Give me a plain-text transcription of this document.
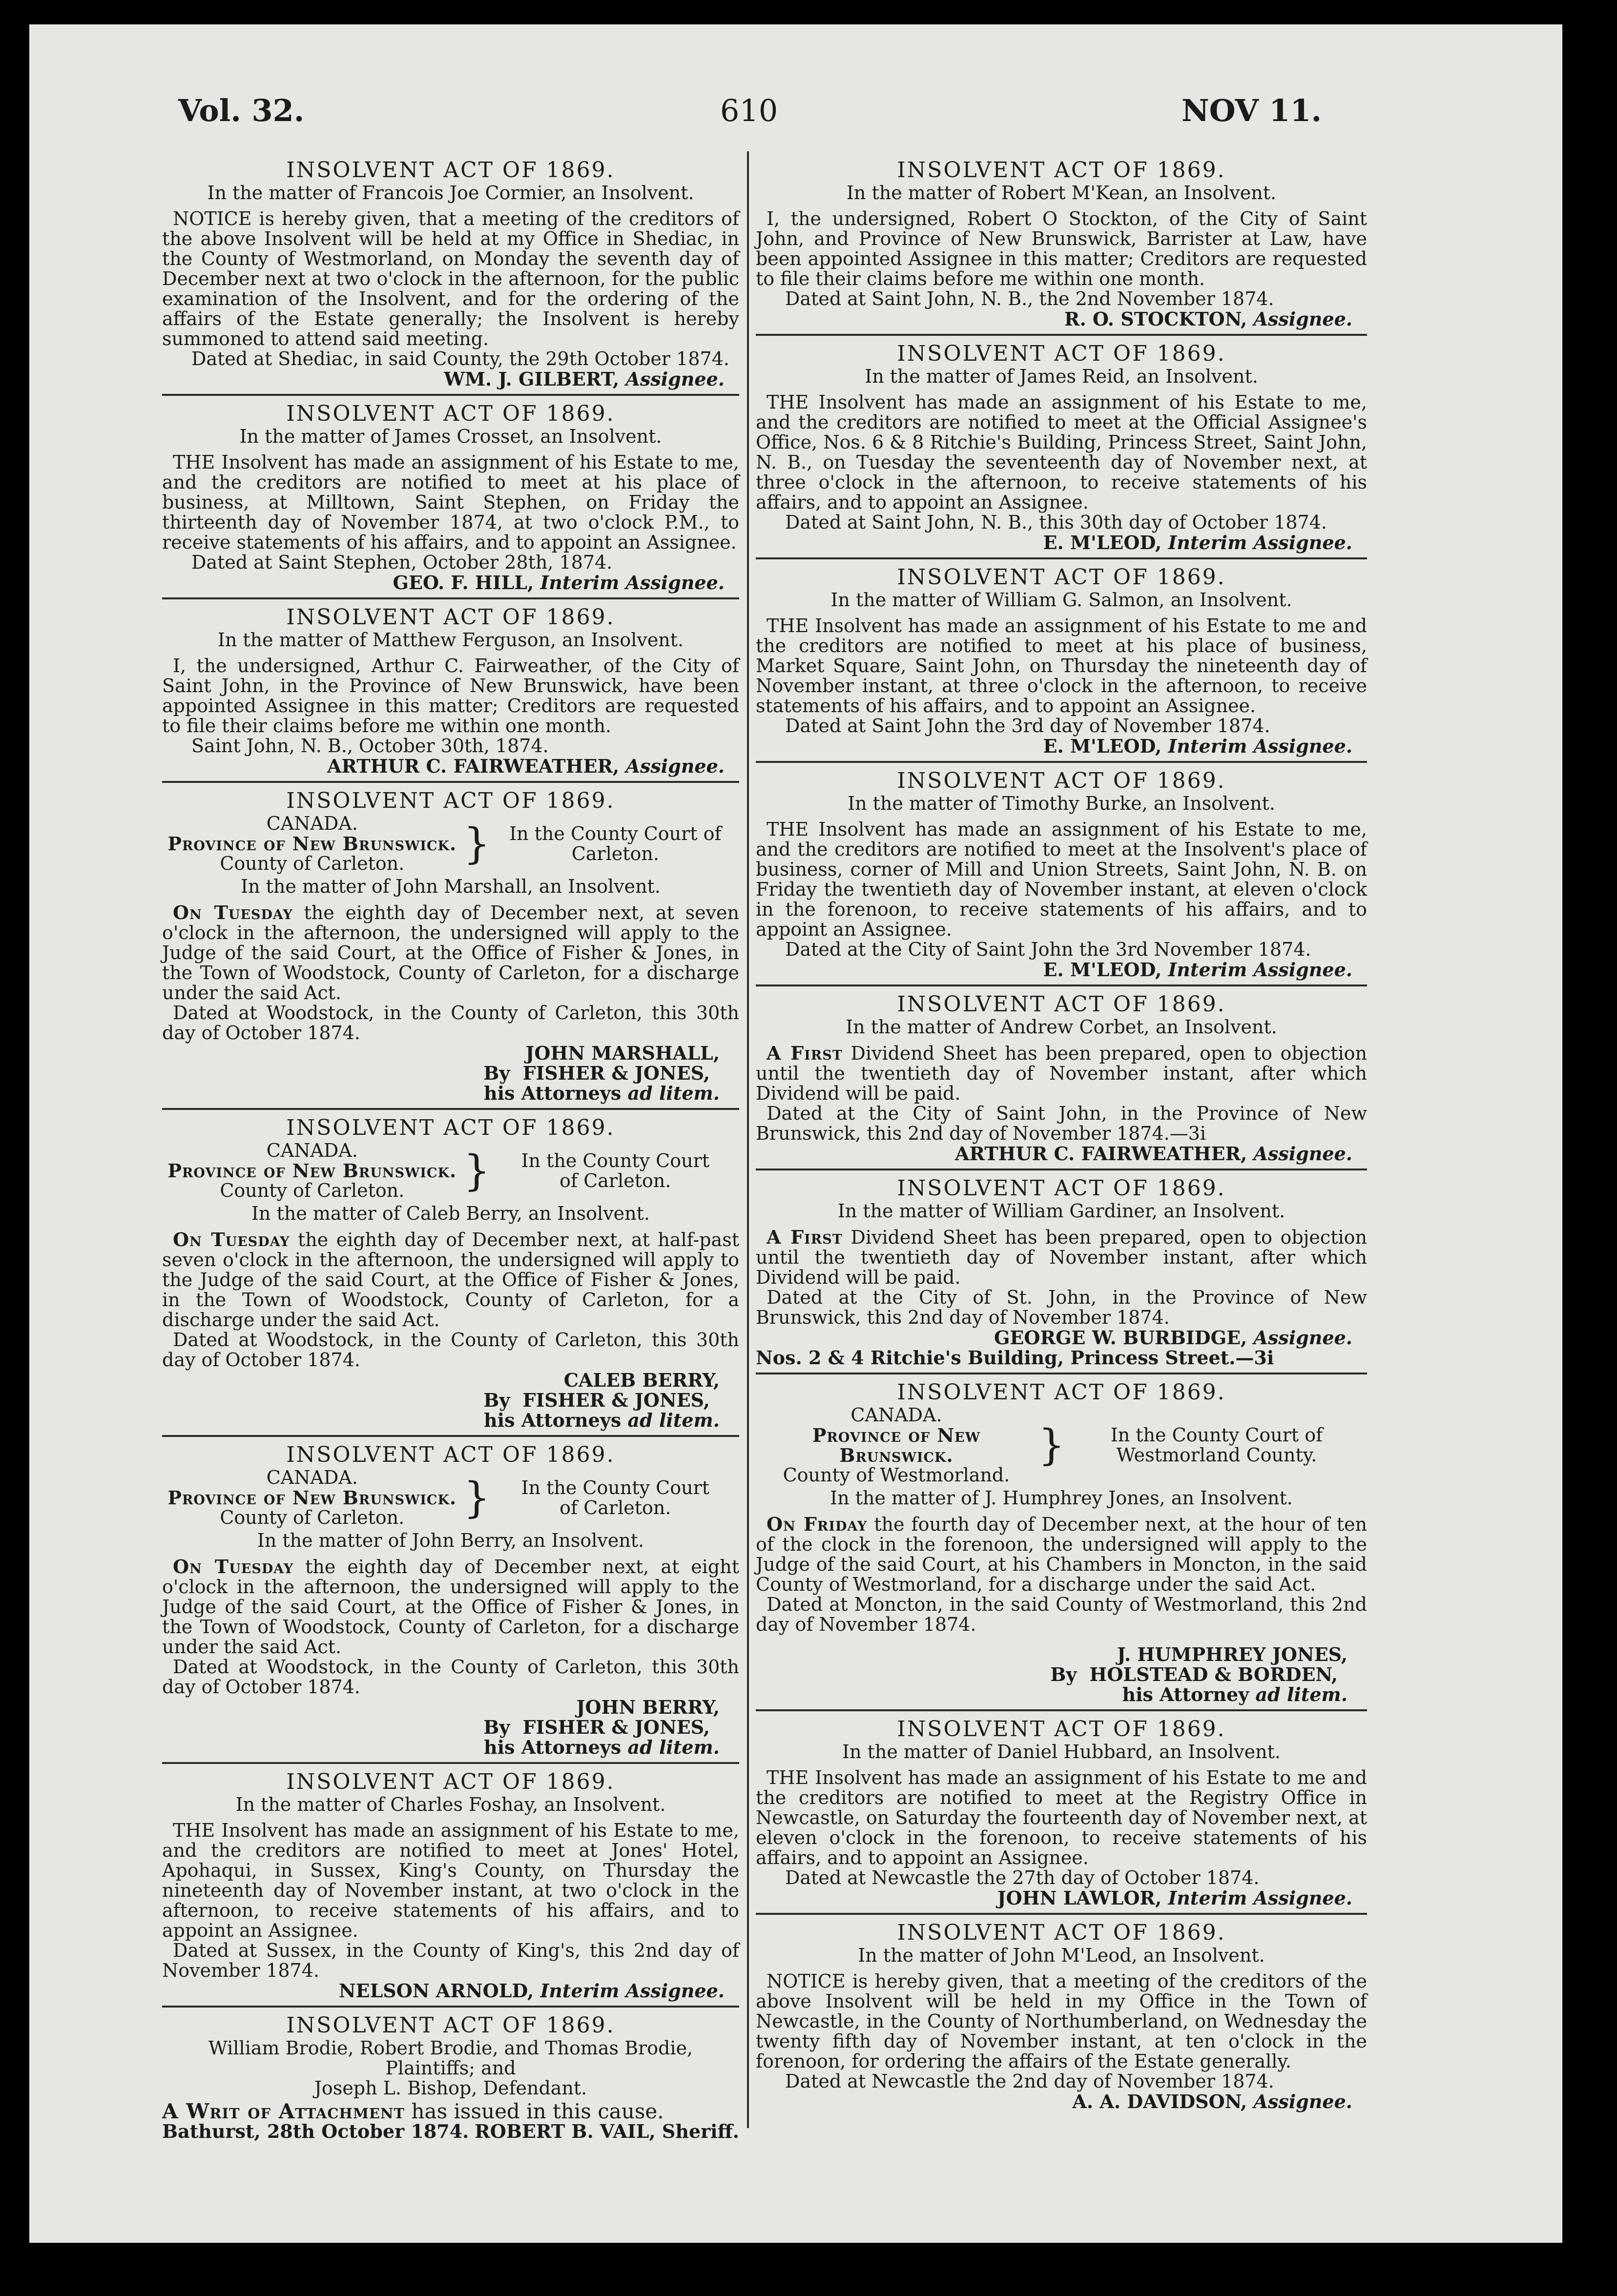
Vol. 32.	610	NOV 11.
INSOLVENT ACT OF 1869.
In the matter of Francois Joe Cormier, an Insolvent.
NOTICE is hereby given, that a meeting of the creditors of the above Insolvent will be held at my Office in Shediac, in the County of Westmorland, on Monday the seventh day of December next at two o'clock in the afternoon, for the public examination of the Insolvent, and for the ordering of the affairs of the Estate generally; the Insolvent is hereby summoned to attend said meeting.
Dated at Shediac, in said County, the 29th October 1874.
WM. J. GILBERT, Assignee.
INSOLVENT ACT OF 1869.
In the matter of James Crosset, an Insolvent.
THE Insolvent has made an assignment of his Estate to me, and the creditors are notified to meet at his place of business, at Milltown, Saint Stephen, on Friday the thirteenth day of November 1874, at two o'clock P.M., to receive statements of his affairs, and to appoint an Assignee.
Dated at Saint Stephen, October 28th, 1874.
GEO. F. HILL, Interim Assignee.
INSOLVENT ACT OF 1869.
In the matter of Matthew Ferguson, an Insolvent.
I, the undersigned, Arthur C. Fairweather, of the City of Saint John, in the Province of New Brunswick, have been appointed Assignee in this matter; Creditors are requested to file their claims before me within one month.
Saint John, N. B., October 30th, 1874.
ARTHUR C. FAIRWEATHER, Assignee.
INSOLVENT ACT OF 1869.
CANADA.
Province of New Brunswick.
County of Carleton.	}	In the County Court of
Carleton.
In the matter of John Marshall, an Insolvent.
On Tuesday the eighth day of December next, at seven o'clock in the afternoon, the undersigned will apply to the Judge of the said Court, at the Office of Fisher & Jones, in the Town of Woodstock, County of Carleton, for a discharge under the said Act.
Dated at Woodstock, in the County of Carleton, this 30th day of October 1874.
JOHN MARSHALL,
By FISHER & JONES,
his Attorneys ad litem.
INSOLVENT ACT OF 1869.
CANADA.
Province of New Brunswick.
County of Carleton.	}	In the County Court
of Carleton.
In the matter of Caleb Berry, an Insolvent.
On Tuesday the eighth day of December next, at half-past seven o'clock in the afternoon, the undersigned will apply to the Judge of the said Court, at the Office of Fisher & Jones, in the Town of Woodstock, County of Carleton, for a discharge under the said Act.
Dated at Woodstock, in the County of Carleton, this 30th day of October 1874.
CALEB BERRY,
By FISHER & JONES,
his Attorneys ad litem.
INSOLVENT ACT OF 1869.
CANADA.
Province of New Brunswick.
County of Carleton.	}	In the County Court
of Carleton.
In the matter of John Berry, an Insolvent.
On Tuesday the eighth day of December next, at eight o'clock in the afternoon, the undersigned will apply to the Judge of the said Court, at the Office of Fisher & Jones, in the Town of Woodstock, County of Carleton, for a discharge under the said Act.
Dated at Woodstock, in the County of Carleton, this 30th day of October 1874.
JOHN BERRY,
By FISHER & JONES,
his Attorneys ad litem.
INSOLVENT ACT OF 1869.
In the matter of Charles Foshay, an Insolvent.
THE Insolvent has made an assignment of his Estate to me, and the creditors are notified to meet at Jones' Hotel, Apohaqui, in Sussex, King's County, on Thursday the nineteenth day of November instant, at two o'clock in the afternoon, to receive statements of his affairs, and to appoint an Assignee.
Dated at Sussex, in the County of King's, this 2nd day of November 1874.
NELSON ARNOLD, Interim Assignee.
INSOLVENT ACT OF 1869.
William Brodie, Robert Brodie, and Thomas Brodie,
Plaintiffs; and
Joseph L. Bishop, Defendant.
A Writ of Attachment has issued in this cause.
Bathurst, 28th October 1874. ROBERT B. VAIL, Sheriff.
INSOLVENT ACT OF 1869.
In the matter of Robert M'Kean, an Insolvent.
I, the undersigned, Robert O Stockton, of the City of Saint John, and Province of New Brunswick, Barrister at Law, have been appointed Assignee in this matter; Creditors are requested to file their claims before me within one month.
Dated at Saint John, N. B., the 2nd November 1874.
R. O. STOCKTON, Assignee.
INSOLVENT ACT OF 1869.
In the matter of James Reid, an Insolvent.
THE Insolvent has made an assignment of his Estate to me, and the creditors are notified to meet at the Official Assignee's Office, Nos. 6 & 8 Ritchie's Building, Princess Street, Saint John, N. B., on Tuesday the seventeenth day of November next, at three o'clock in the afternoon, to receive statements of his affairs, and to appoint an Assignee.
Dated at Saint John, N. B., this 30th day of October 1874.
E. M'LEOD, Interim Assignee.
INSOLVENT ACT OF 1869.
In the matter of William G. Salmon, an Insolvent.
THE Insolvent has made an assignment of his Estate to me and the creditors are notified to meet at his place of business, Market Square, Saint John, on Thursday the nineteenth day of November instant, at three o'clock in the afternoon, to receive statements of his affairs, and to appoint an Assignee.
Dated at Saint John the 3rd day of November 1874.
E. M'LEOD, Interim Assignee.
INSOLVENT ACT OF 1869.
In the matter of Timothy Burke, an Insolvent.
THE Insolvent has made an assignment of his Estate to me, and the creditors are notified to meet at the Insolvent's place of business, corner of Mill and Union Streets, Saint John, N. B. on Friday the twentieth day of November instant, at eleven o'clock in the forenoon, to receive statements of his affairs, and to appoint an Assignee.
Dated at the City of Saint John the 3rd November 1874.
E. M'LEOD, Interim Assignee.
INSOLVENT ACT OF 1869.
In the matter of Andrew Corbet, an Insolvent.
A First Dividend Sheet has been prepared, open to objection until the twentieth day of November instant, after which Dividend will be paid.
Dated at the City of Saint John, in the Province of New Brunswick, this 2nd day of November 1874.—3i
ARTHUR C. FAIRWEATHER, Assignee.
INSOLVENT ACT OF 1869.
In the matter of William Gardiner, an Insolvent.
A First Dividend Sheet has been prepared, open to objection until the twentieth day of November instant, after which Dividend will be paid.
Dated at the City of St. John, in the Province of New Brunswick, this 2nd day of November 1874.
GEORGE W. BURBIDGE, Assignee.
Nos. 2 & 4 Ritchie's Building, Princess Street.—3i
INSOLVENT ACT OF 1869.
CANADA.
Province of New Brunswick.
County of Westmorland.
}	In the County Court of
Westmorland County.
In the matter of J. Humphrey Jones, an Insolvent.
On Friday the fourth day of December next, at the hour of ten of the clock in the forenoon, the undersigned will apply to the Judge of the said Court, at his Chambers in Moncton, in the said County of Westmorland, for a discharge under the said Act.
Dated at Moncton, in the said County of Westmorland, this 2nd day of November 1874.
J. HUMPHREY JONES,
By HOLSTEAD & BORDEN,
his Attorney ad litem.
INSOLVENT ACT OF 1869.
In the matter of Daniel Hubbard, an Insolvent.
THE Insolvent has made an assignment of his Estate to me and the creditors are notified to meet at the Registry Office in Newcastle, on Saturday the fourteenth day of November next, at eleven o'clock in the forenoon, to receive statements of his affairs, and to appoint an Assignee.
Dated at Newcastle the 27th day of October 1874.
JOHN LAWLOR, Interim Assignee.
INSOLVENT ACT OF 1869.
In the matter of John M'Leod, an Insolvent.
NOTICE is hereby given, that a meeting of the creditors of the above Insolvent will be held in my Office in the Town of Newcastle, in the County of Northumberland, on Wednesday the twenty fifth day of November instant, at ten o'clock in the forenoon, for ordering the affairs of the Estate generally.
Dated at Newcastle the 2nd day of November 1874.
A. A. DAVIDSON, Assignee.
